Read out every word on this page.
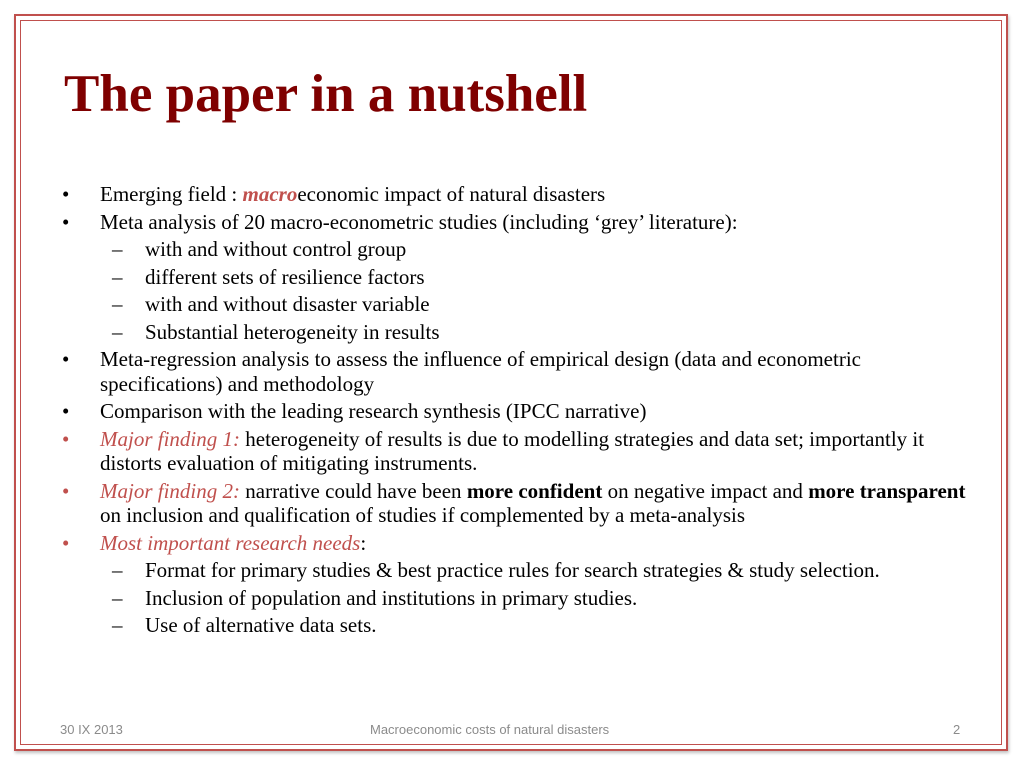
The paper in a nutshell
• Emerging field : macroeconomic impact of natural disasters
• Meta analysis of 20 macro-econometric studies (including ‘grey’ literature):
– with and without control group
– different sets of resilience factors
– with and without disaster variable
– Substantial heterogeneity in results
• Meta-regression analysis to assess the influence of empirical design (data and econometric specifications) and methodology
• Comparison with the leading research synthesis (IPCC narrative)
• Major finding 1: heterogeneity of results is due to modelling strategies and data set; importantly it distorts evaluation of mitigating instruments.
• Major finding 2: narrative could have been more confident on negative impact and more transparent on inclusion and qualification of studies if complemented by a meta-analysis
• Most important research needs:
– Format for primary studies & best practice rules for search strategies & study selection.
– Inclusion of population and institutions in primary studies.
– Use of alternative data sets.
30 IX 2013	Macroeconomic costs of natural disasters	2
